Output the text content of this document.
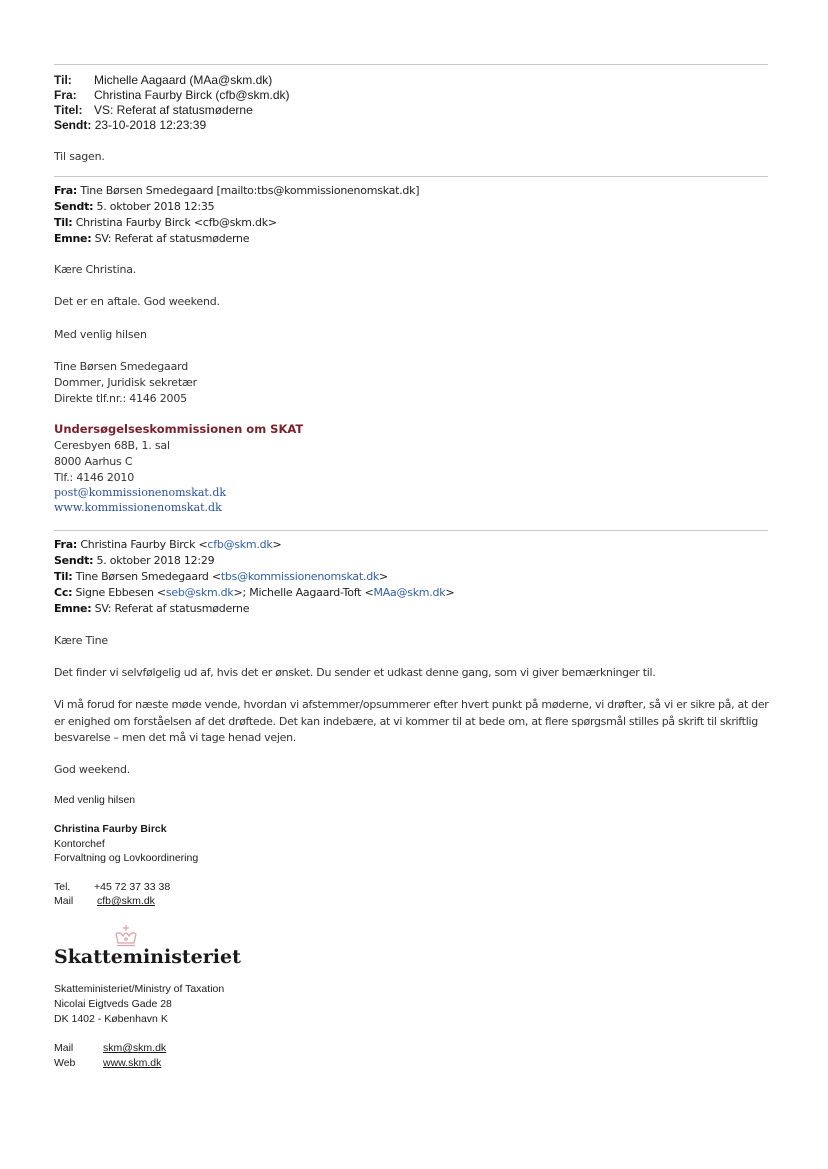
Til: Michelle Aagaard (MAa@skm.dk)
Fra: Christina Faurby Birck (cfb@skm.dk)
Titel: VS: Referat af statusmøderne
Sendt: 23-10-2018 12:23:39
Til sagen.
Fra: Tine Børsen Smedegaard [mailto:tbs@kommissionenomskat.dk]
Sendt: 5. oktober 2018 12:35
Til: Christina Faurby Birck <cfb@skm.dk>
Emne: SV: Referat af statusmøderne
Kære Christina.
Det er en aftale. God weekend.
Med venlig hilsen
Tine Børsen Smedegaard
Dommer, Juridisk sekretær
Direkte tlf.nr.: 4146 2005
Undersøgelseskommissionen om SKAT
Ceresbyen 68B, 1. sal
8000 Aarhus C
Tlf.: 4146 2010
post@kommissionenomskat.dk
www.kommissionenomskat.dk
Fra: Christina Faurby Birck <cfb@skm.dk>
Sendt: 5. oktober 2018 12:29
Til: Tine Børsen Smedegaard <tbs@kommissionenomskat.dk>
Cc: Signe Ebbesen <seb@skm.dk>; Michelle Aagaard-Toft <MAa@skm.dk>
Emne: SV: Referat af statusmøderne
Kære Tine
Det finder vi selvfølgelig ud af, hvis det er ønsket. Du sender et udkast denne gang, som vi giver bemærkninger til.
Vi må forud for næste møde vende, hvordan vi afstemmer/opsummerer efter hvert punkt på møderne, vi drøfter, så vi er sikre på, at der er enighed om forståelsen af det drøftede. Det kan indebære, at vi kommer til at bede om, at flere spørgsmål stilles på skrift til skriftlig besvarelse – men det må vi tage henad vejen.
God weekend.
Med venlig hilsen
Christina Faurby Birck
Kontorchef
Forvaltning og Lovkoordinering
Tel. +45 72 37 33 38
Mail cfb@skm.dk
Skatteministeriet
Skatteministeriet/Ministry of Taxation
Nicolai Eigtveds Gade 28
DK 1402 - København K
Mail	skm@skm.dk
Web	www.skm.dk
